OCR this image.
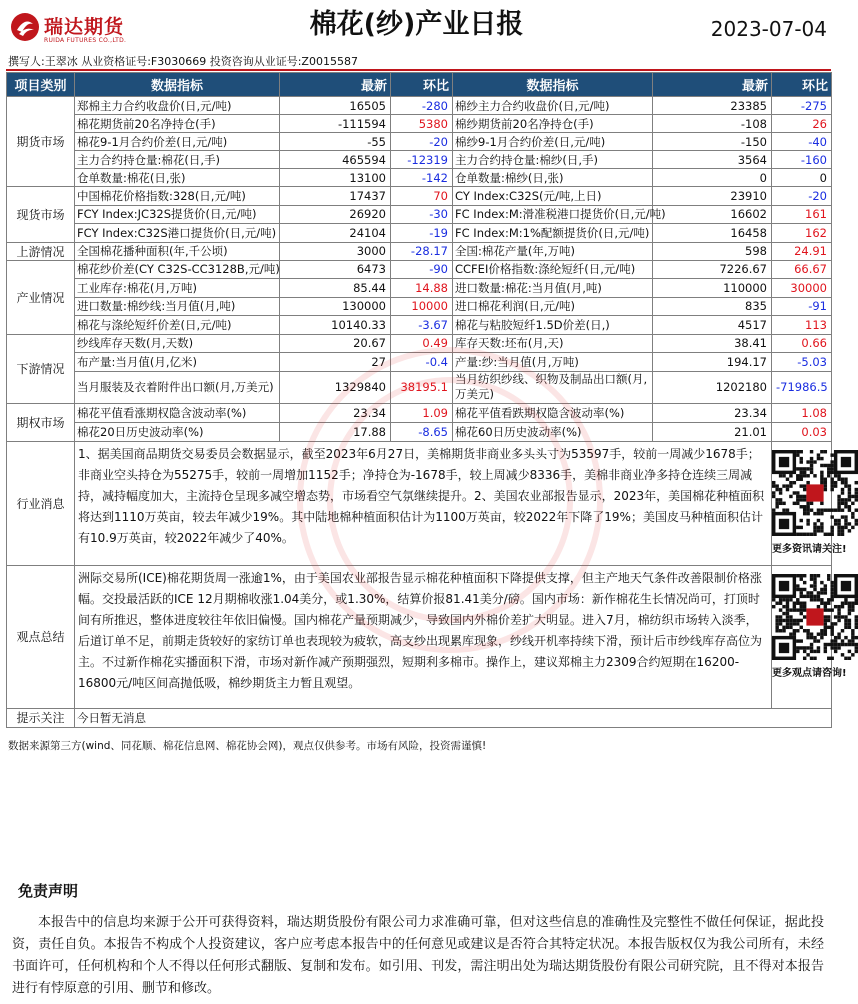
瑞达期货
RUIDA FUTURES CO.,LTD.
棉花(纱)产业日报	2023-07-04
撰写人:王翠冰 从业资格证号:F3030669 投资咨询从业证号:Z0015587
项目类别	数据指标	最新	环比	数据指标	最新	环比
期货市场	郑棉主力合约收盘价(日,元/吨)	16505	-280	棉纱主力合约收盘价(日,元/吨)	23385	-275
	棉花期货前20名净持仓(手)	-111594	5380	棉纱期货前20名净持仓(手)	-108	26
	棉花9-1月合约价差(日,元/吨)	-55	-20	棉纱9-1月合约价差(日,元/吨)	-150	-40
	主力合约持仓量:棉花(日,手)	465594	-12319	主力合约持仓量:棉纱(日,手)	3564	-160
	仓单数量:棉花(日,张)	13100	-142	仓单数量:棉纱(日,张)	0	0
现货市场	中国棉花价格指数:328(日,元/吨)	17437	70	CY Index:C32S(元/吨,上日)	23910	-20
	FCY Index:JC32S提货价(日,元/吨)	26920	-30	FC Index:M:滑准税港口提货价(日,元/吨)	16602	161
	FCY Index:C32S港口提货价(日,元/吨)	24104	-19	FC Index:M:1%配额提货价(日,元/吨)	16458	162
上游情况	全国棉花播种面积(年,千公顷)	3000	-28.17	全国:棉花产量(年,万吨)	598	24.91
产业情况	棉花纱价差(CY C32S-CC3128B,元/吨)	6473	-90	CCFEI价格指数:涤纶短纤(日,元/吨)	7226.67	66.67
	工业库存:棉花(月,万吨)	85.44	14.88	进口数量:棉花:当月值(月,吨)	110000	30000
	进口数量:棉纱线:当月值(月,吨)	130000	10000	进口棉花利润(日,元/吨)	835	-91
	棉花与涤纶短纤价差(日,元/吨)	10140.33	-3.67	棉花与粘胶短纤1.5D价差(日,)	4517	113
下游情况	纱线库存天数(月,天数)	20.67	0.49	库存天数:坯布(月,天)	38.41	0.66
	布产量:当月值(月,亿米)	27	-0.4	产量:纱:当月值(月,万吨)	194.17	-5.03
	当月服装及衣着附件出口额(月,万美元)	1329840	38195.1	当月纺织纱线、织物及制品出口额(月,万美元)	1202180	-71986.5
期权市场	棉花平值看涨期权隐含波动率(%)	23.34	1.09	棉花平值看跌期权隐含波动率(%)	23.34	1.08
	棉花20日历史波动率(%)	17.88	-8.65	棉花60日历史波动率(%)	21.01	0.03
行业消息	1、据美国商品期货交易委员会数据显示，截至2023年6月27日，美棉期货非商业多头头寸为53597手，较前一周减少1678手；非商业空头持仓为55275手，较前一周增加1152手；净持仓为-1678手，较上周减少8336手，美棉非商业净多持仓连续三周减持，减持幅度加大，主流持仓呈现多减空增态势，市场看空气氛继续提升。2、美国农业部报告显示，2023年，美国棉花种植面积将达到1110万英亩，较去年减少19%。其中陆地棉种植面积估计为1100万英亩，较2022年下降了19%；美国皮马种植面积估计有10.9万英亩，较2022年减少了40%。					更多资讯请关注!

观点总结	洲际交易所(ICE)棉花期货周一涨逾1%，由于美国农业部报告显示棉花种植面积下降提供支撑，但主产地天气条件改善限制价格涨幅。交投最活跃的ICE 12月期棉收涨1.04美分，或1.30%，结算价报81.41美分/磅。国内市场：新作棉花生长情况尚可，打顶时间有所推迟，整体进度较往年依旧偏慢。国内棉花产量预期减少，导致国内外棉价差扩大明显。进入7月，棉纺织市场转入淡季，后道订单不足，前期走货较好的家纺订单也表现较为疲软，高支纱出现累库现象，纱线开机率持续下滑，预计后市纱线库存高位为主。不过新作棉花实播面积下滑，市场对新作减产预期强烈，短期利多棉市。操作上，建议郑棉主力2309合约短期在16200-16800元/吨区间高抛低吸，棉纱期货主力暂且观望。					更多观点请咨询!

提示关注	今日暂无消息					
数据来源第三方(wind、同花顺、棉花信息网、棉花协会网)，观点仅供参考。市场有风险，投资需谨慎!
免责声明
本报告中的信息均来源于公开可获得资料，瑞达期货股份有限公司力求准确可靠，但对这些信息的准确性及完整性不做任何保证，据此投资，责任自负。本报告不构成个人投资建议，客户应考虑本报告中的任何意见或建议是否符合其特定状况。本报告版权仅为我公司所有，未经书面许可，任何机构和个人不得以任何形式翻版、复制和发布。如引用、刊发，需注明出处为瑞达期货股份有限公司研究院，且不得对本报告进行有悖原意的引用、删节和修改。
